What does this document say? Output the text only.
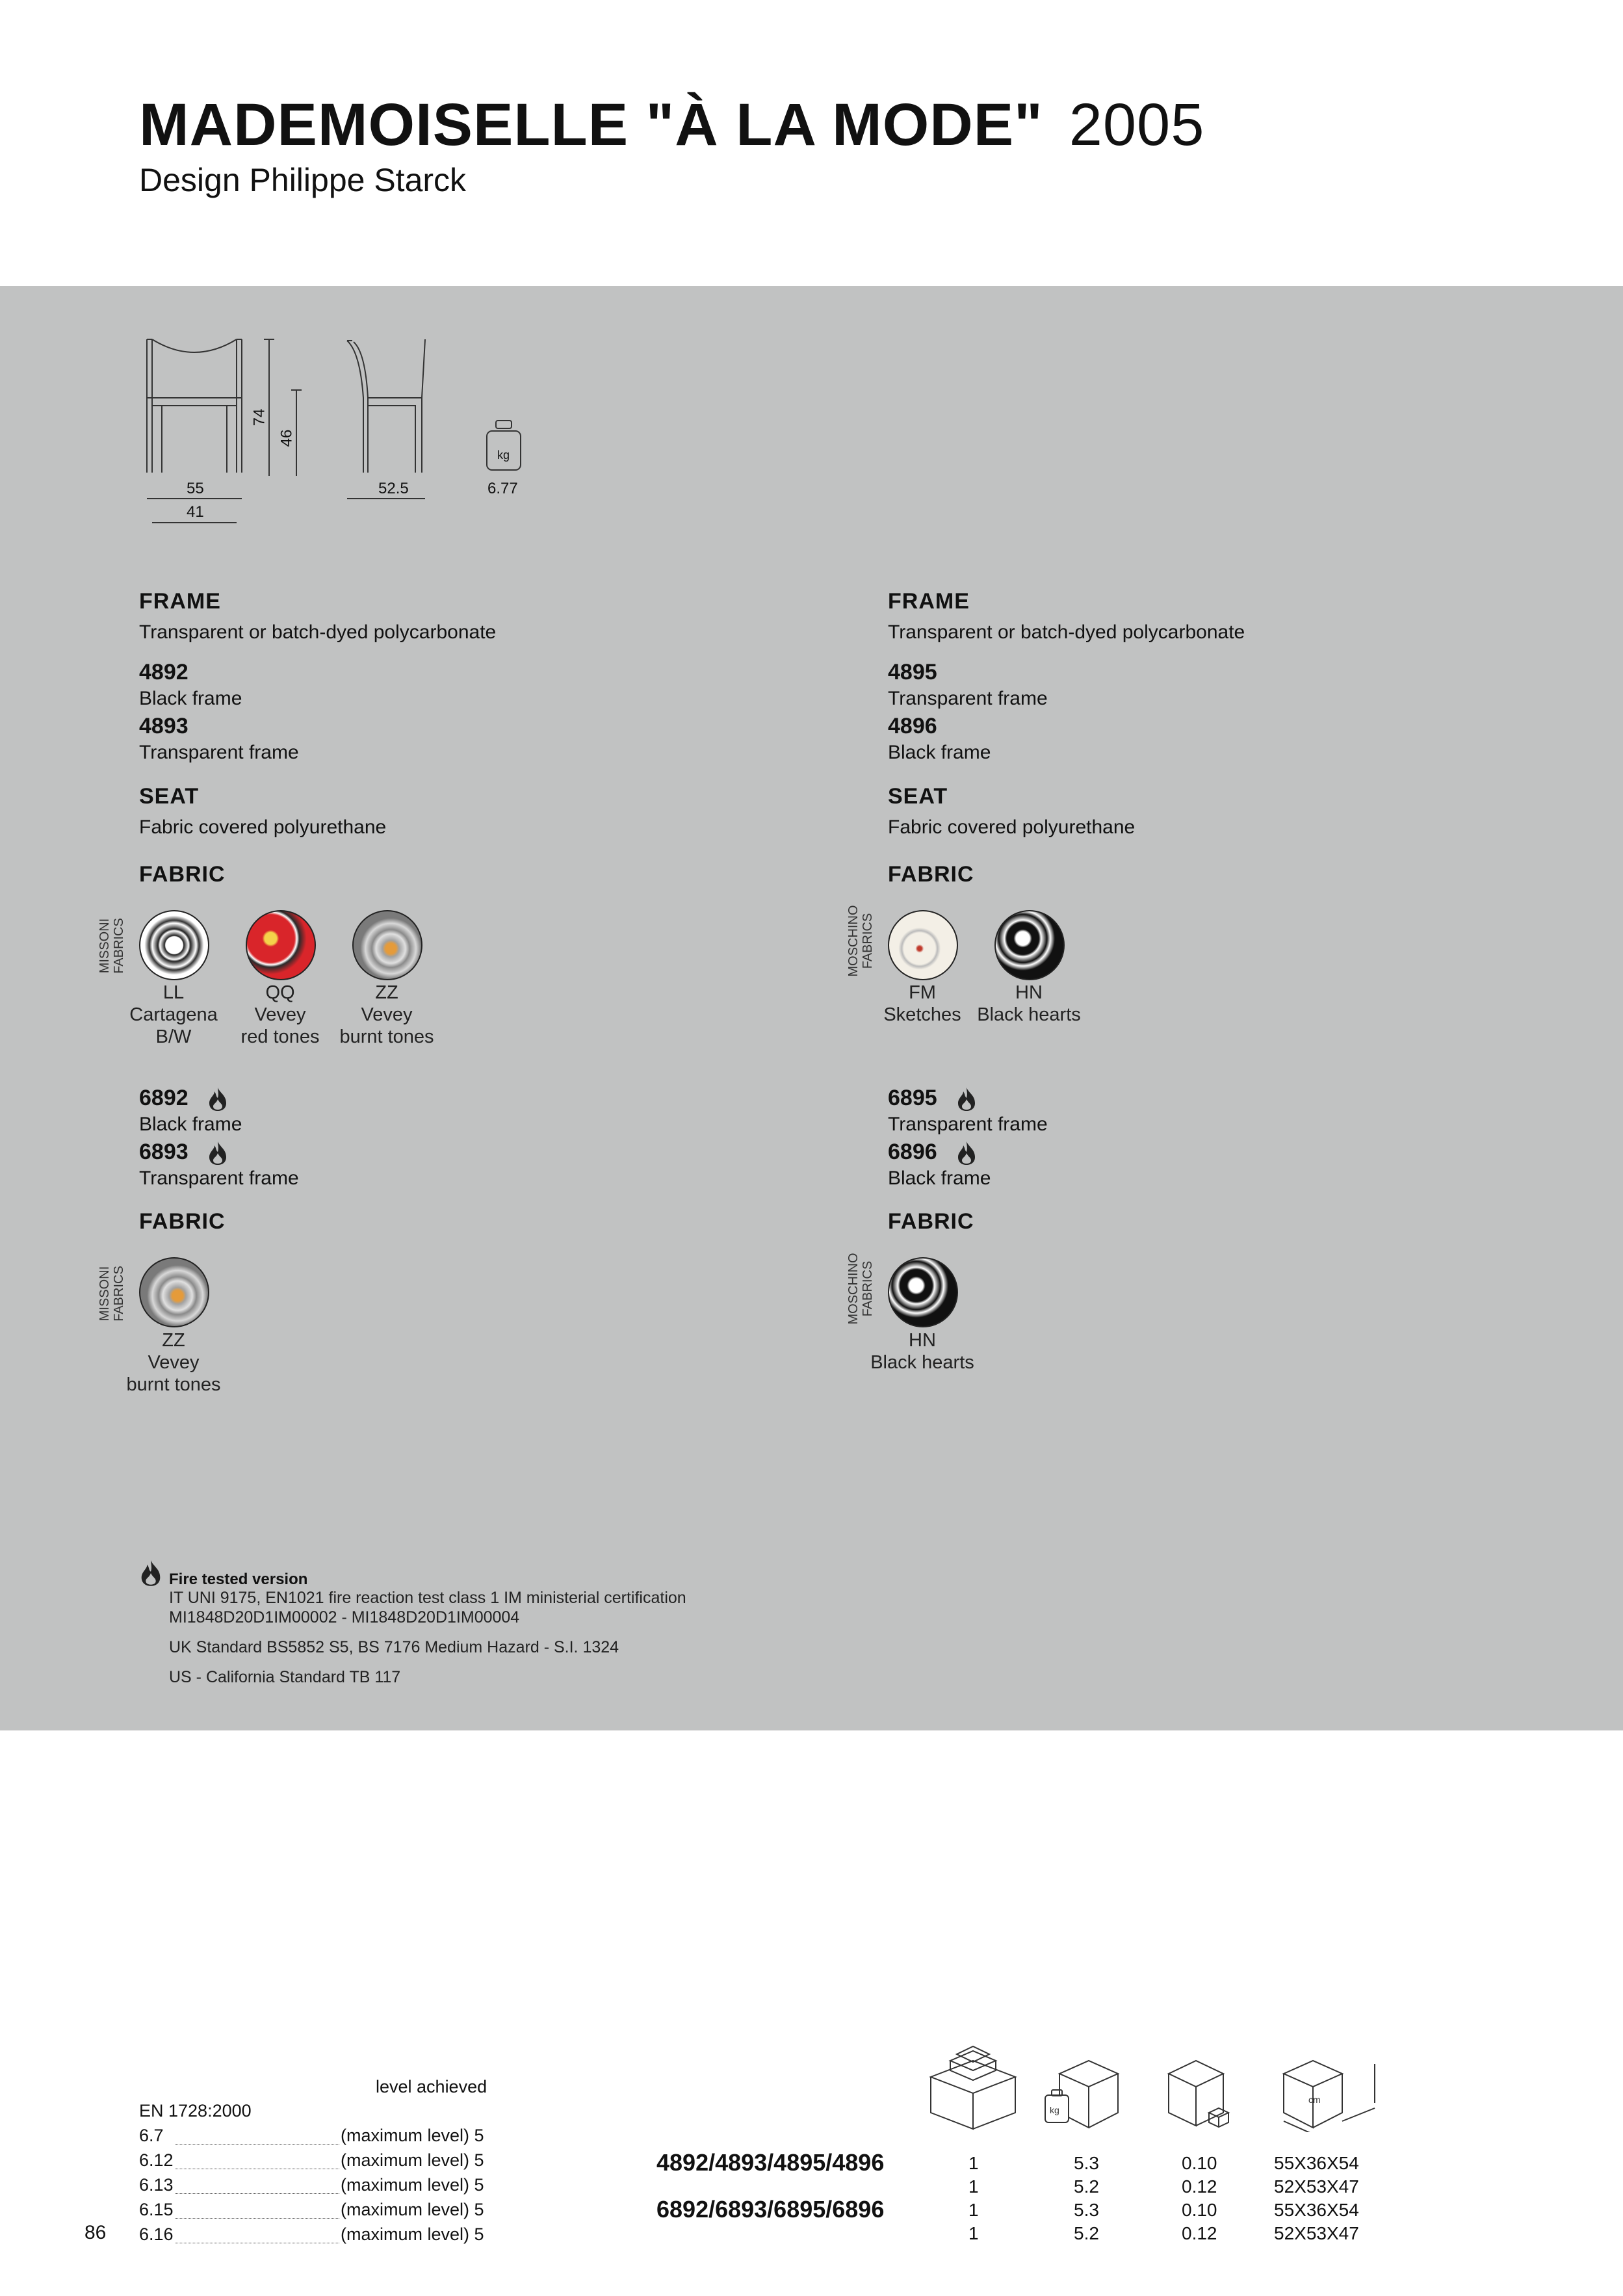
MADEMOISELLE "À LA MODE" 2005
Design Philippe Starck
55
41
74
46
52.5
kg
6.77
FRAME
Transparent or batch-dyed polycarbonate
4892
Black frame
4893
Transparent frame
SEAT
Fabric covered polyurethane
FABRIC
MISSONI
FABRICS
LL
Cartagena
B/W
QQ
Vevey
red tones
ZZ
Vevey
burnt tones
6892
Black frame
6893
Transparent frame
FABRIC
MISSONI
FABRICS
ZZ
Vevey
burnt tones
FRAME
Transparent or batch-dyed polycarbonate
4895
Transparent frame
4896
Black frame
SEAT
Fabric covered polyurethane
FABRIC
MOSCHINO
FABRICS
FM
Sketches
HN
Black hearts
6895
Transparent frame
6896
Black frame
FABRIC
MOSCHINO
FABRICS
HN
Black hearts
Fire tested version
IT UNI 9175, EN1021 fire reaction test class 1 IM ministerial certification
MI1848D20D1IM00002 - MI1848D20D1IM00004
UK Standard BS5852 S5, BS 7176 Medium Hazard - S.I. 1324
US - California Standard TB 117
level achieved
EN 1728:2000
6.7	(maximum level) 5
6.12	(maximum level) 5
6.13	(maximum level) 5
6.15	(maximum level) 5
6.16	(maximum level) 5
86
kg
cm
4892/4893/4895/4896	1	5.3	0.10	55X36X54
1	5.2	0.12	52X53X47
6892/6893/6895/6896	1	5.3	0.10	55X36X54
1	5.2	0.12	52X53X47
